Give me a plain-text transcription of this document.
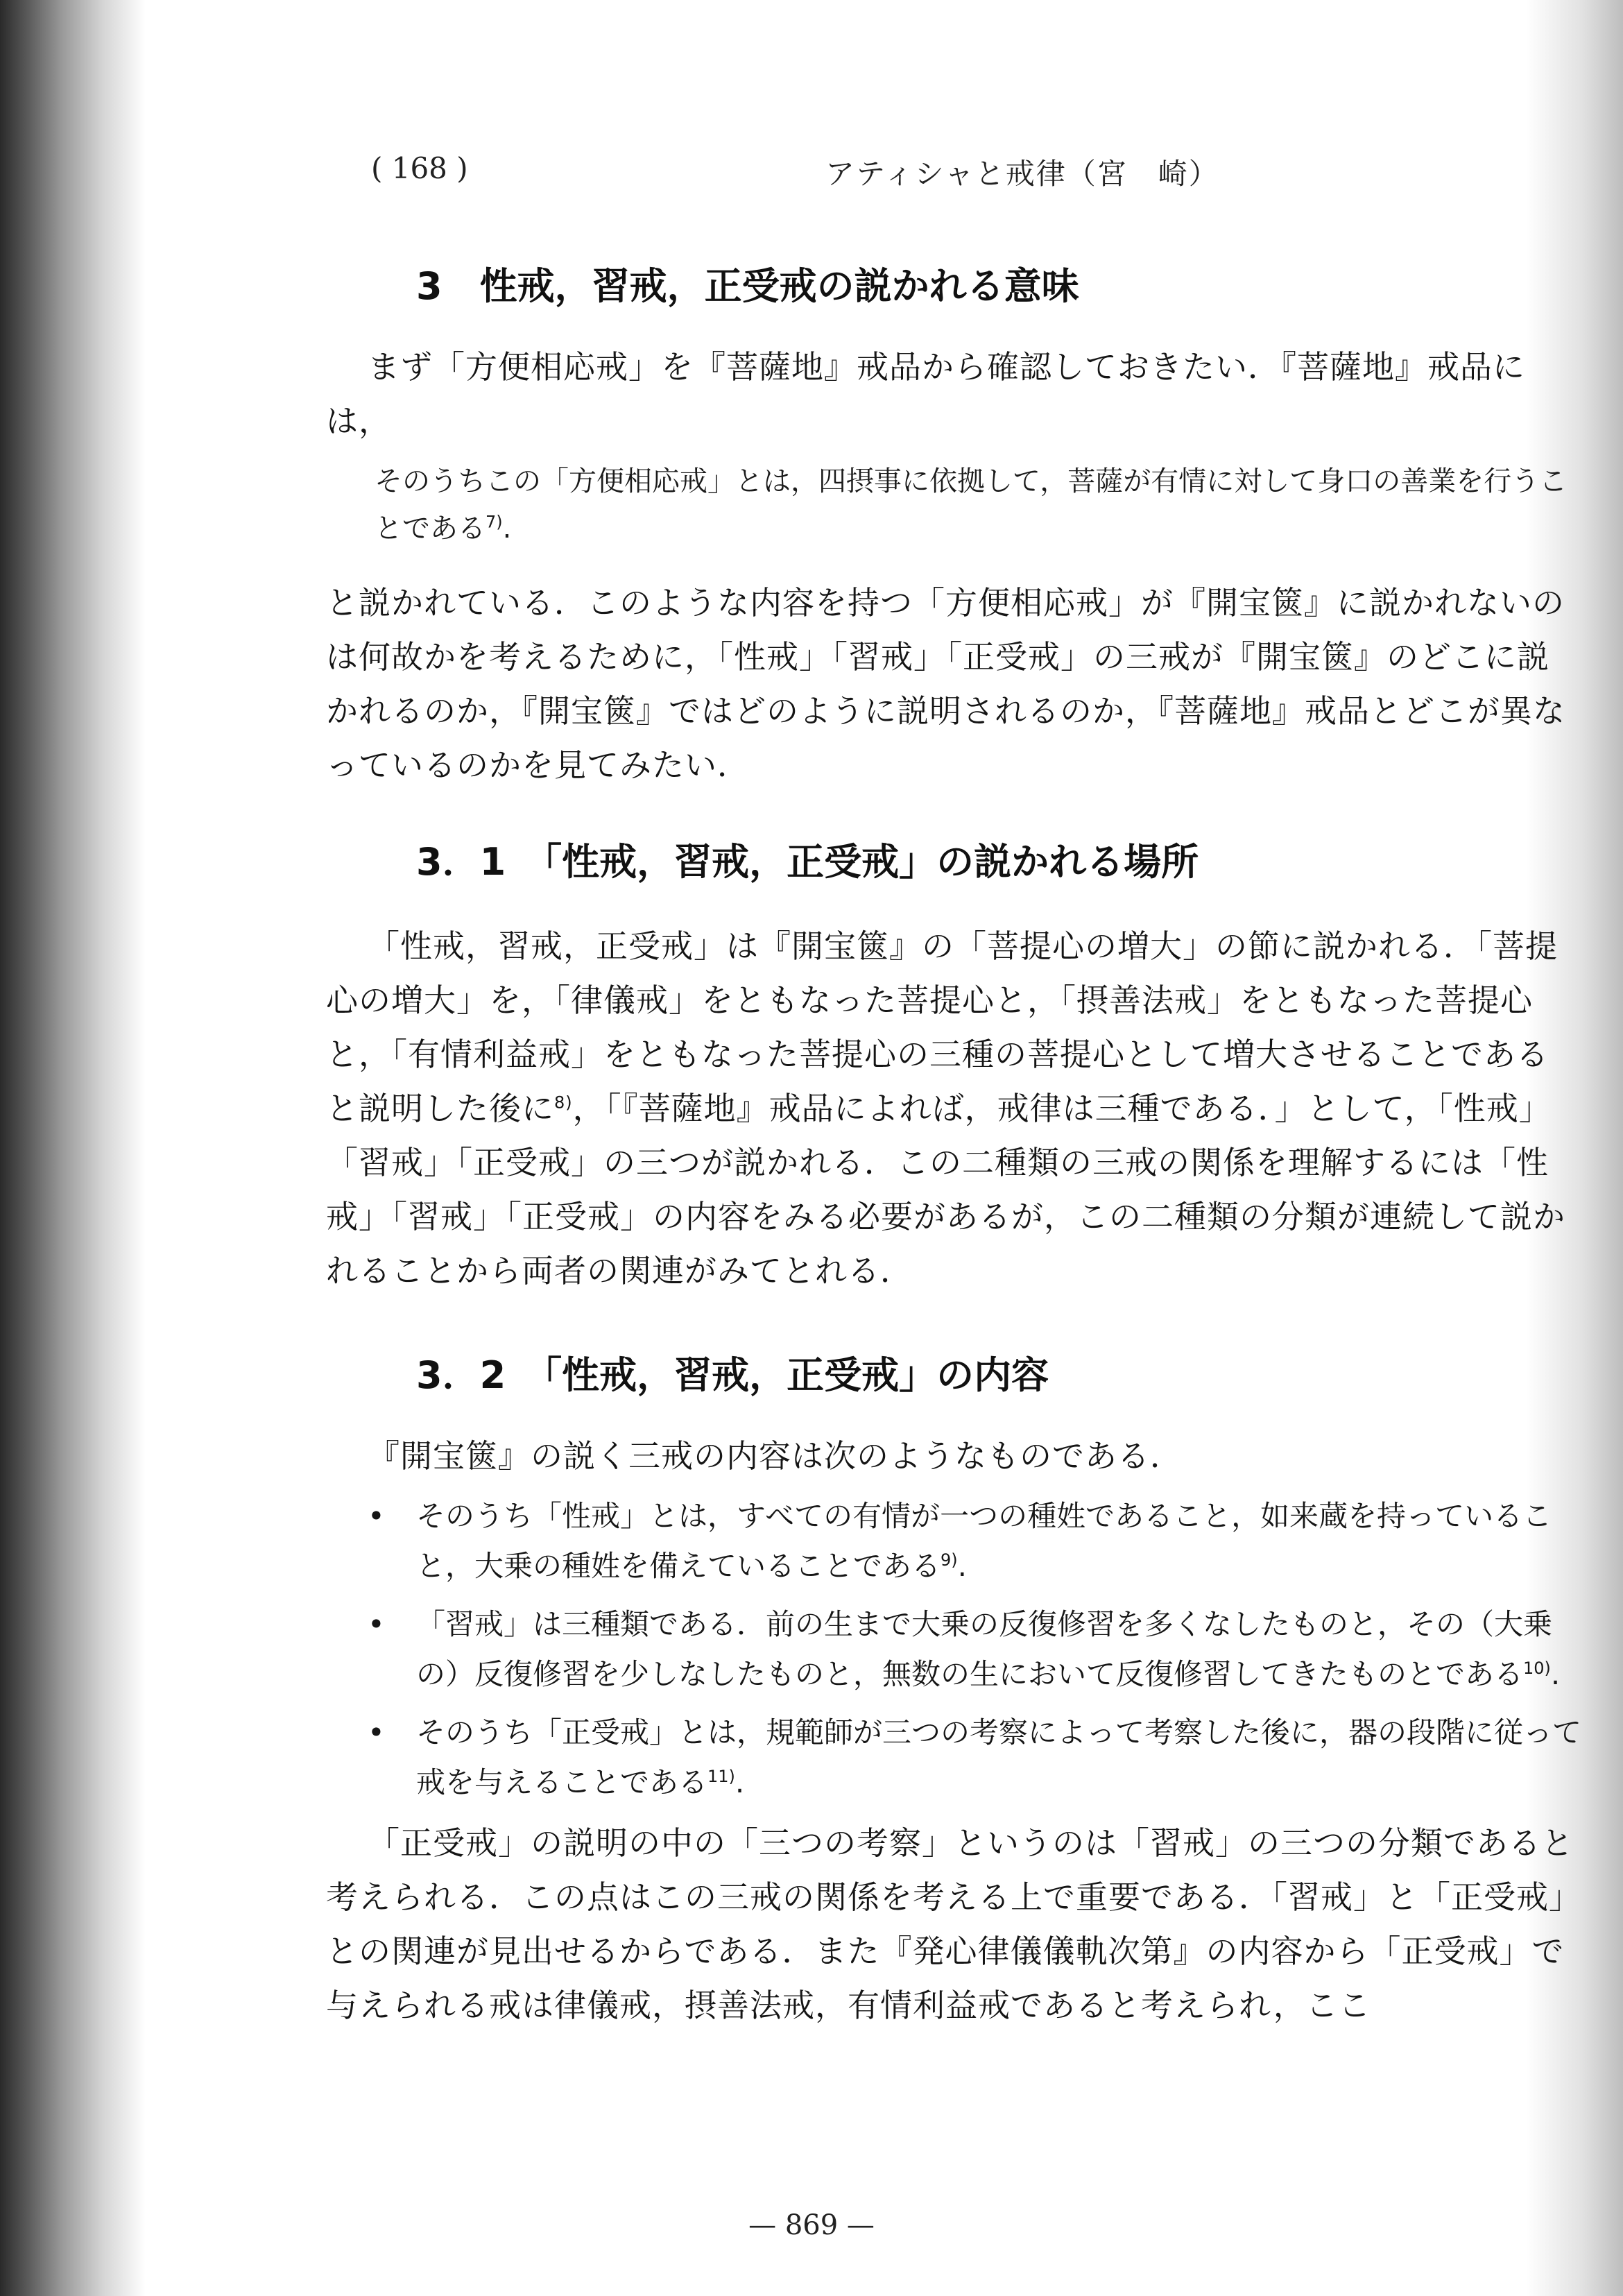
( 168 )	アティシャと戒律（宮　崎）
3　性戒，習戒，正受戒の説かれる意味

まず「方便相応戒」を『菩薩地』戒品から確認しておきたい．『菩薩地』戒品には，

そのうちこの「方便相応戒」とは，四摂事に依拠して，菩薩が有情に対して身口の善業を行うことである$^{7)}$.

と説かれている．このような内容を持つ「方便相応戒」が『開宝篋』に説かれないのは何故かを考えるために，「性戒」「習戒」「正受戒」の三戒が『開宝篋』のどこに説かれるのか，『開宝篋』ではどのように説明されるのか，『菩薩地』戒品とどこが異なっているのかを見てみたい．

3．1　「性戒，習戒，正受戒」の説かれる場所

「性戒，習戒，正受戒」は『開宝篋』の「菩提心の増大」の節に説かれる．「菩提心の増大」を，「律儀戒」をともなった菩提心と，「摂善法戒」をともなった菩提心と，「有情利益戒」をともなった菩提心の三種の菩提心として増大させることであると説明した後に$^{8)}$，「『菩薩地』戒品によれば，戒律は三種である．」として，「性戒」「習戒」「正受戒」の三つが説かれる．この二種類の三戒の関係を理解するには「性戒」「習戒」「正受戒」の内容をみる必要があるが，この二種類の分類が連続して説かれることから両者の関連がみてとれる．

3．2　「性戒，習戒，正受戒」の内容

『開宝篋』の説く三戒の内容は次のようなものである．

• そのうち「性戒」とは，すべての有情が一つの種姓であること，如来蔵を持っていること，大乗の種姓を備えていることである$^{9)}$.
• 「習戒」は三種類である．前の生まで大乗の反復修習を多くなしたものと，その（大乗の）反復修習を少しなしたものと，無数の生において反復修習してきたものとである$^{10)}$.
• そのうち「正受戒」とは，規範師が三つの考察によって考察した後に，器の段階に従って戒を与えることである$^{11)}$.

「正受戒」の説明の中の「三つの考察」というのは「習戒」の三つの分類であると考えられる．この点はこの三戒の関係を考える上で重要である．「習戒」と「正受戒」との関連が見出せるからである．また『発心律儀儀軌次第』の内容から「正受戒」で与えられる戒は律儀戒，摂善法戒，有情利益戒であると考えられ，ここ

— 869 —
